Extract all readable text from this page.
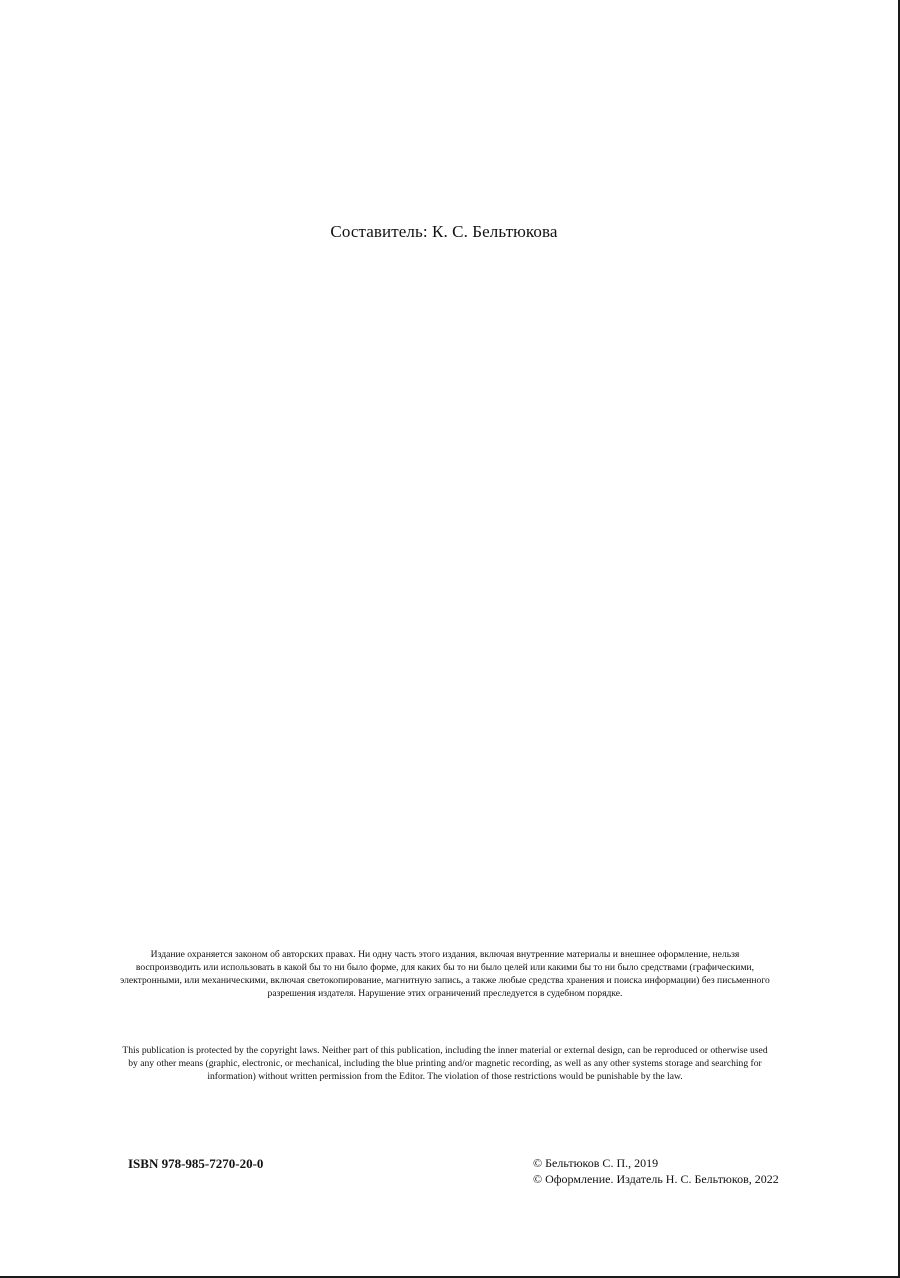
Составитель: К. С. Бельтюкова

Издание охраняется законом об авторских правах. Ни одну часть этого издания, включая внутренние материалы и внешнее оформление, нельзя воспроизводить или использовать в какой бы то ни было форме, для каких бы то ни было целей или какими бы то ни было средствами (графическими, электронными, или механическими, включая светокопирование, магнитную запись, а также любые средства хранения и поиска информации) без письменного разрешения издателя. Нарушение этих ограничений преследуется в судебном порядке.

This publication is protected by the copyright laws. Neither part of this publication, including the inner material or external design, can be reproduced or otherwise used by any other means (graphic, electronic, or mechanical, including the blue printing and/or magnetic recording, as well as any other systems storage and searching for information) without written permission from the Editor. The violation of those restrictions would be punishable by the law.

ISBN 978-985-7270-20-0	© Бельтюков С. П., 2019
© Оформление. Издатель Н. С. Бельтюков, 2022
